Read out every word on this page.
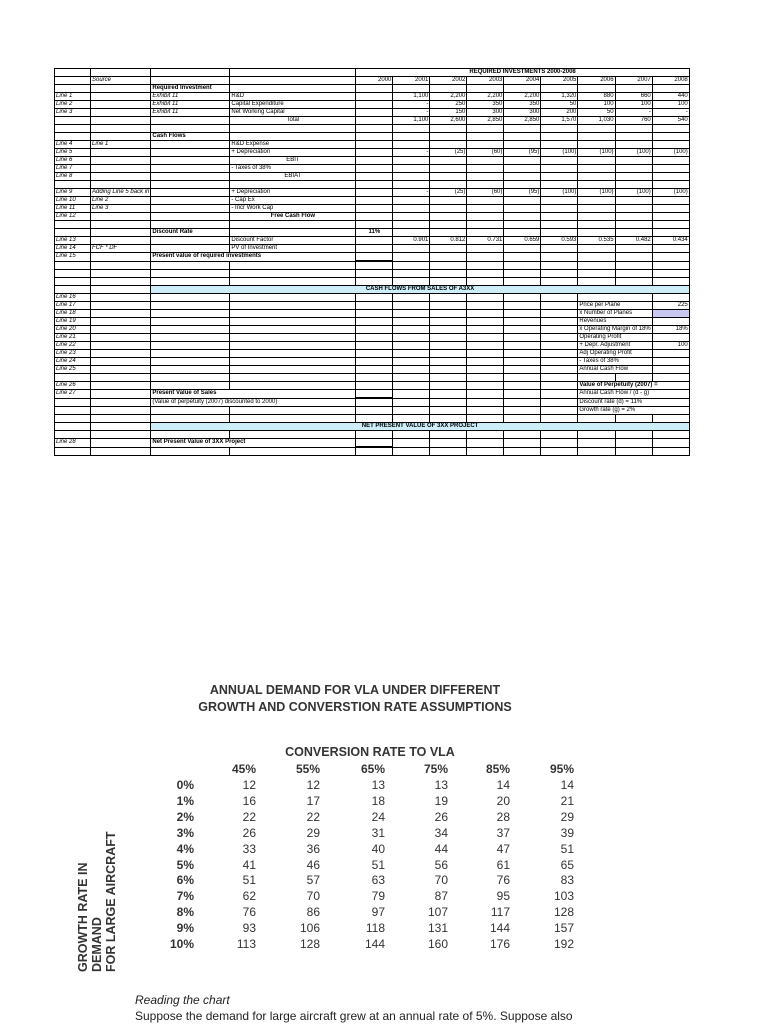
				REQUIRED INVESTMENTS 2000-2008								
	Source			2000	2001	2002	2003	2004	2005	2006	2007	2008
		Required Investment										
Line 1		Exhibit 11	R&D		1,100	2,200	2,200	2,200	1,320	880	660	440
Line 2		Exhibit 11	Capital Expenditure		-	250	350	350	50	100	100	100
Line 3		Exhibit 11	Net Working Capital		-	150	300	300	200	50	-	-
			Total		1,100	2,600	2,850	2,850	1,570	1,030	760	540

		Cash Flows										
Line 4	Line 1		R&D Expense									
Line 5			+ Depreciation		-	(25)	(60)	(95)	(100)	(100)	(100)	(100)
Line 6			EBIT									
Line 7			- Taxes of 38%									
Line 8			EBIAT									

Line 9	Adding Line 5 back in		+ Depreciation		-	(25)	(60)	(95)	(100)	(100)	(100)	(100)
Line 10	Line 2		- Cap Ex									
Line 11	Line 3		- Incr Work Cap									
Line 12			Free Cash Flow									

		Discount Rate		11%								
Line 13			Discount Factor		0.901	0.812	0.731	0.659	0.593	0.535	0.482	0.434
Line 14	FCF * DF		PV of Investment									
Line 15		Present value of required investments										

		CASH FLOWS FROM SALES OF A3XX										
Line 16												
Line 17										Price per Plane		225
Line 18										x Number of Planes		
Line 19										Revenues		
Line 20										x Operating Margin of 18%		18%
Line 21										Operating Profit		
Line 22										+ Depr. Adjustment		100
Line 23										Adj Operating Profit		
Line 24										- Taxes of 38%		
Line 25										Annual Cash Flow		

Line 26										Value of Perpetuity (2007) =		
Line 27		Present Value of Sales								Annual Cash Flow / (d - g)		
		(Value of perpetuity (2007) discounted to 2000)								Discount rate (d) = 11%		
										Growth rate (g) = 2%		

		NET PRESENT VALUE OF 3XX PROJECT										

Line 28		Net Present Value of 3XX Project										

ANNUAL DEMAND FOR VLA UNDER DIFFERENT
GROWTH AND CONVERSTION RATE ASSUMPTIONS
CONVERSION RATE TO VLA
GROWTH RATE IN DEMAND FOR LARGE AIRCRAFT
45%	55%	65%	75%	85%	95%
0%	12	12	13	13	14	14
1%	16	17	18	19	20	21
2%	22	22	24	26	28	29
3%	26	29	31	34	37	39
4%	33	36	40	44	47	51
5%	41	46	51	56	61	65
6%	51	57	63	70	76	83
7%	62	70	79	87	95	103
8%	76	86	97	107	117	128
9%	93	106	118	131	144	157
10%	113	128	144	160	176	192
Reading the chart
Suppose the demand for large aircraft grew at an annual rate of 5%. Suppose also
